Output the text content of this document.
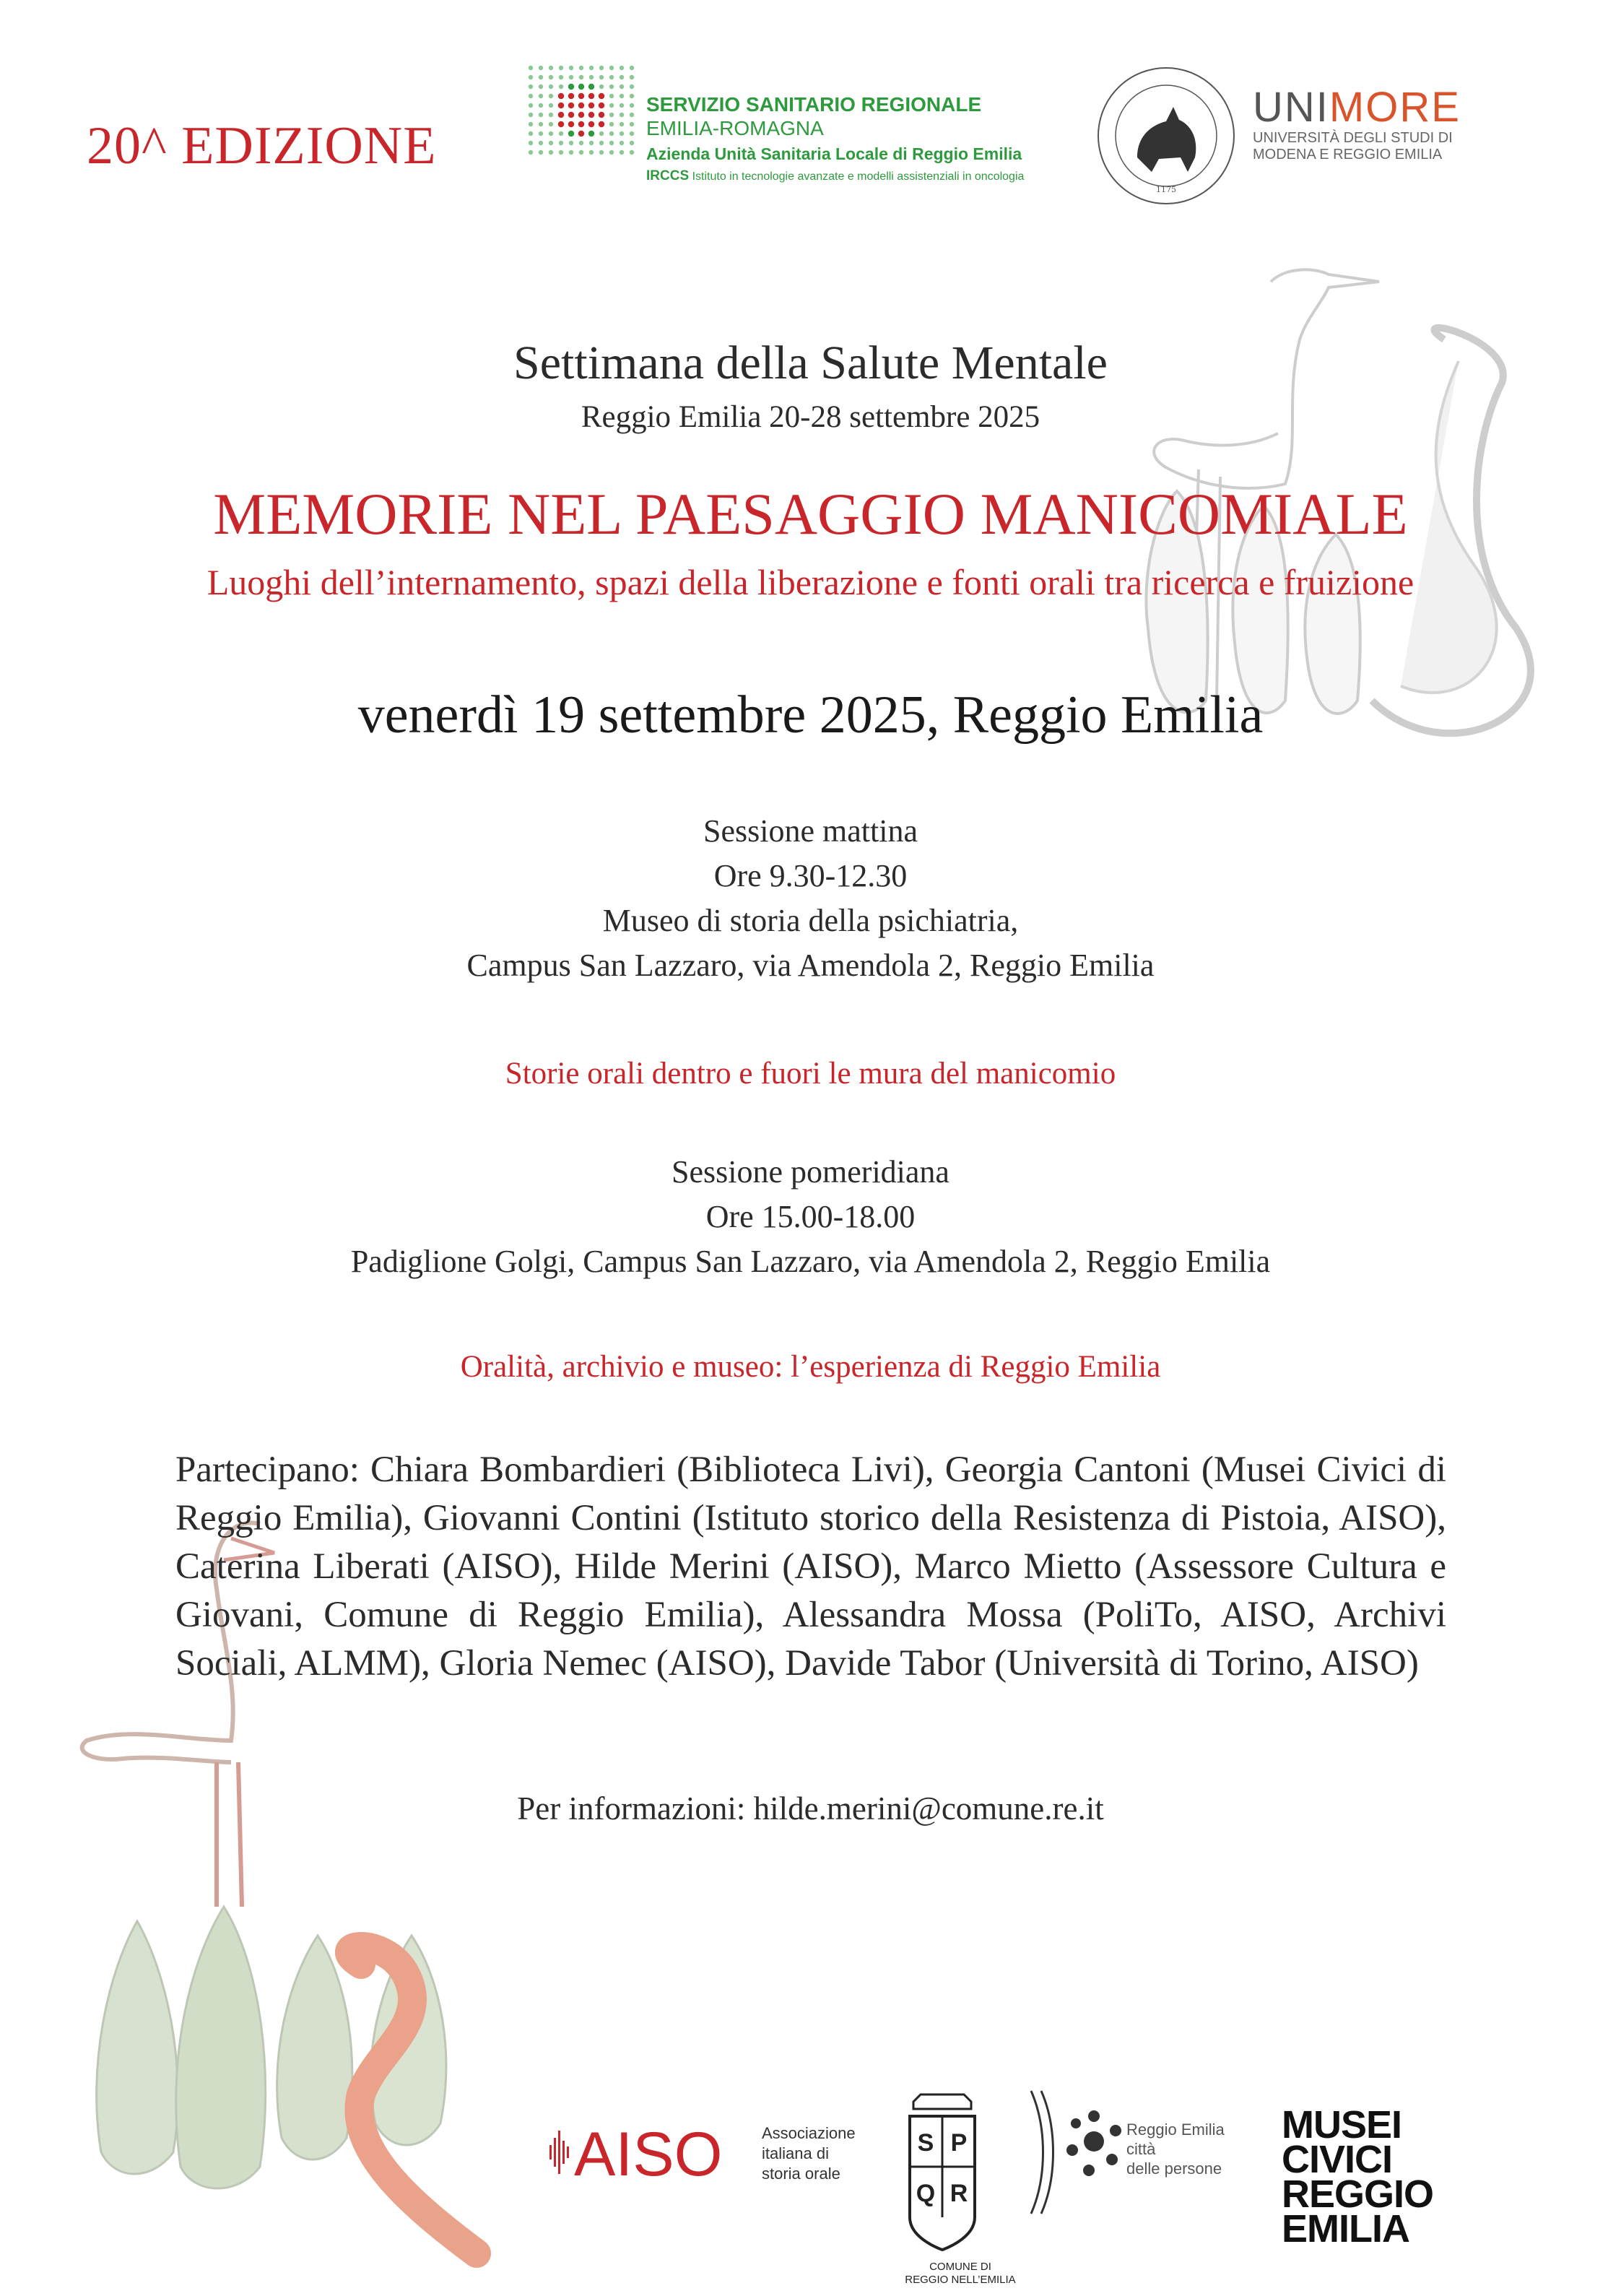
20^ EDIZIONE
SERVIZIO SANITARIO REGIONALE
EMILIA-ROMAGNA
Azienda Unità Sanitaria Locale di Reggio Emilia
IRCCS Istituto in tecnologie avanzate e modelli assistenziali in oncologia
1175
UNIMORE
UNIVERSITÀ DEGLI STUDI DI
MODENA E REGGIO EMILIA
Settimana della Salute Mentale
Reggio Emilia 20-28 settembre 2025
MEMORIE NEL PAESAGGIO MANICOMIALE
Luoghi dell’internamento, spazi della liberazione e fonti orali tra ricerca e fruizione
venerdì 19 settembre 2025, Reggio Emilia
Sessione mattina
Ore 9.30-12.30
Museo di storia della psichiatria,
Campus San Lazzaro, via Amendola 2, Reggio Emilia
Storie orali dentro e fuori le mura del manicomio
Sessione pomeridiana
Ore 15.00-18.00
Padiglione Golgi, Campus San Lazzaro, via Amendola 2, Reggio Emilia
Oralità, archivio e museo: l’esperienza di Reggio Emilia
Partecipano: Chiara Bombardieri (Biblioteca Livi), Georgia Cantoni (Musei Civici di Reggio Emilia), Giovanni Contini (Istituto storico della Resistenza di Pistoia, AISO), Caterina Liberati (AISO), Hilde Merini (AISO), Marco Mietto (Assessore Cultura e Giovani, Comune di Reggio Emilia), Alessandra Mossa (PoliTo, AISO, Archivi Sociali, ALMM), Gloria Nemec (AISO), Davide Tabor (Università di Torino, AISO)
Per informazioni: hilde.merini@comune.re.it
AISO Associazione
italiana di
storia orale
S P
Q R
COMUNE DI
REGGIO NELL’EMILIA
Reggio Emilia
città
delle persone
MUSEI
CIVICI
REGGIO
EMILIA
